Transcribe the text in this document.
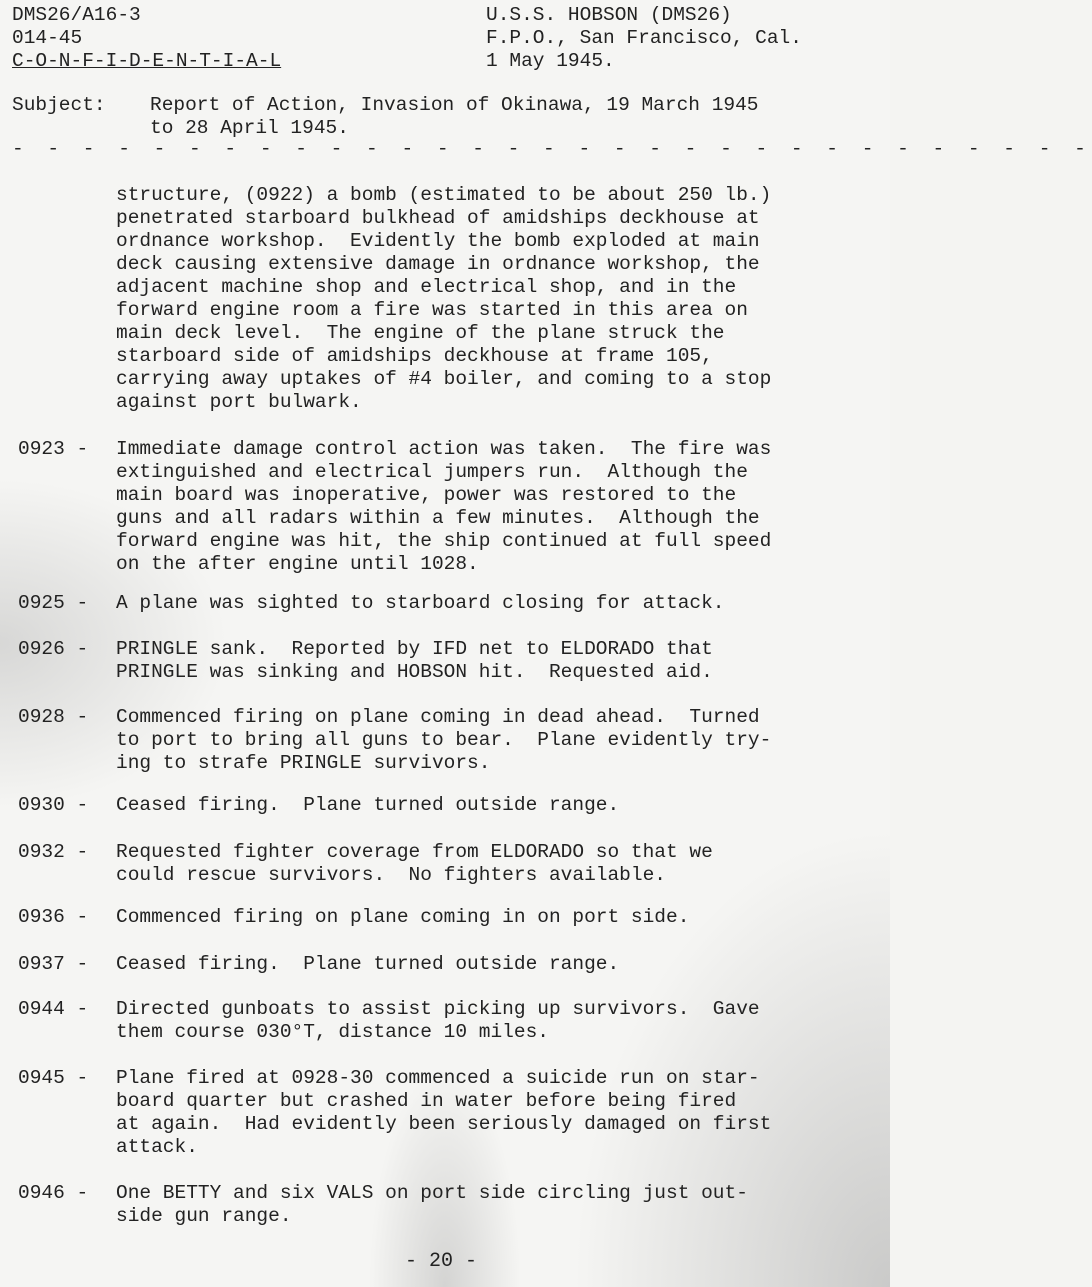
DMS26/A16-3
014-45
C-O-N-F-I-D-E-N-T-I-A-L
U.S.S. HOBSON (DMS26)
F.P.O., San Francisco, Cal.
1 May 1945.
Subject:	Report of Action, Invasion of Okinawa, 19 March 1945
to 28 April 1945.
- - - - - - - - - - - - - - - - - - - - - - - - - - - - - - -
structure, (0922) a bomb (estimated to be about 250 lb.)
penetrated starboard bulkhead of amidships deckhouse at
ordnance workshop.  Evidently the bomb exploded at main
deck causing extensive damage in ordnance workshop, the
adjacent machine shop and electrical shop, and in the
forward engine room a fire was started in this area on
main deck level.  The engine of the plane struck the
starboard side of amidships deckhouse at frame 105,
carrying away uptakes of #4 boiler, and coming to a stop
against port bulwark.
0923 -	Immediate damage control action was taken.  The fire was
extinguished and electrical jumpers run.  Although the
main board was inoperative, power was restored to the
guns and all radars within a few minutes.  Although the
forward engine was hit, the ship continued at full speed
on the after engine until 1028.
0925 -	A plane was sighted to starboard closing for attack.
0926 -	PRINGLE sank.  Reported by IFD net to ELDORADO that
PRINGLE was sinking and HOBSON hit.  Requested aid.
0928 -	Commenced firing on plane coming in dead ahead.  Turned
to port to bring all guns to bear.  Plane evidently try-
ing to strafe PRINGLE survivors.
0930 -	Ceased firing.  Plane turned outside range.
0932 -	Requested fighter coverage from ELDORADO so that we
could rescue survivors.  No fighters available.
0936 -	Commenced firing on plane coming in on port side.
0937 -	Ceased firing.  Plane turned outside range.
0944 -	Directed gunboats to assist picking up survivors.  Gave
them course 030°T, distance 10 miles.
0945 -	Plane fired at 0928-30 commenced a suicide run on star-
board quarter but crashed in water before being fired
at again.  Had evidently been seriously damaged on first
attack.
0946 -	One BETTY and six VALS on port side circling just out-
side gun range.
- 20 -
